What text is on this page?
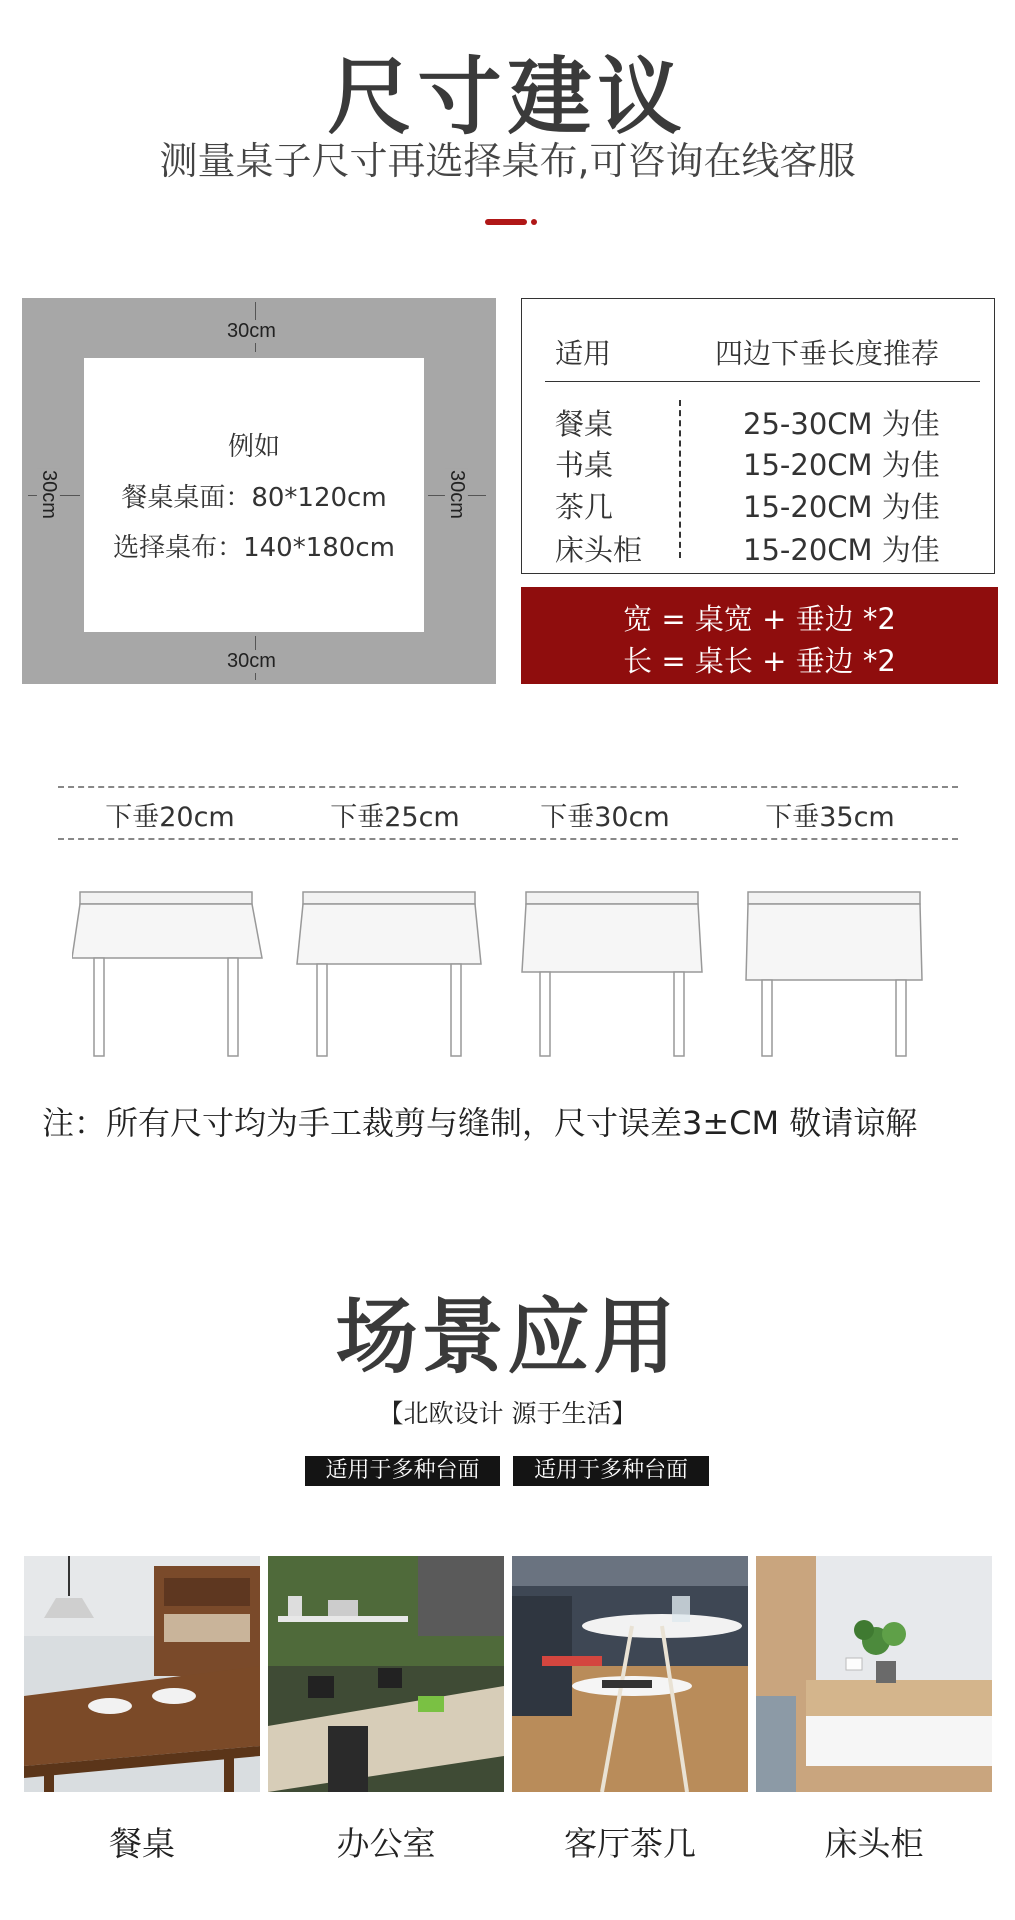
尺寸建议
测量桌子尺寸再选择桌布,可咨询在线客服
30cm
30cm
30cm	30cm
例如
餐桌桌面：80*120cm
选择桌布：140*180cm
适用	四边下垂长度推荐
餐桌	25-30CM 为佳
书桌	15-20CM 为佳
茶几	15-20CM 为佳
床头柜	15-20CM 为佳
宽 = 桌宽 + 垂边 *2
长 = 桌长 + 垂边 *2
下垂20cm	下垂25cm	下垂30cm	下垂35cm
注：所有尺寸均为手工裁剪与缝制，尺寸误差3±CM 敬请谅解
场景应用
【北欧设计 源于生活】
适用于多种台面	适用于多种台面
餐桌	办公室	客厅茶几	床头柜
